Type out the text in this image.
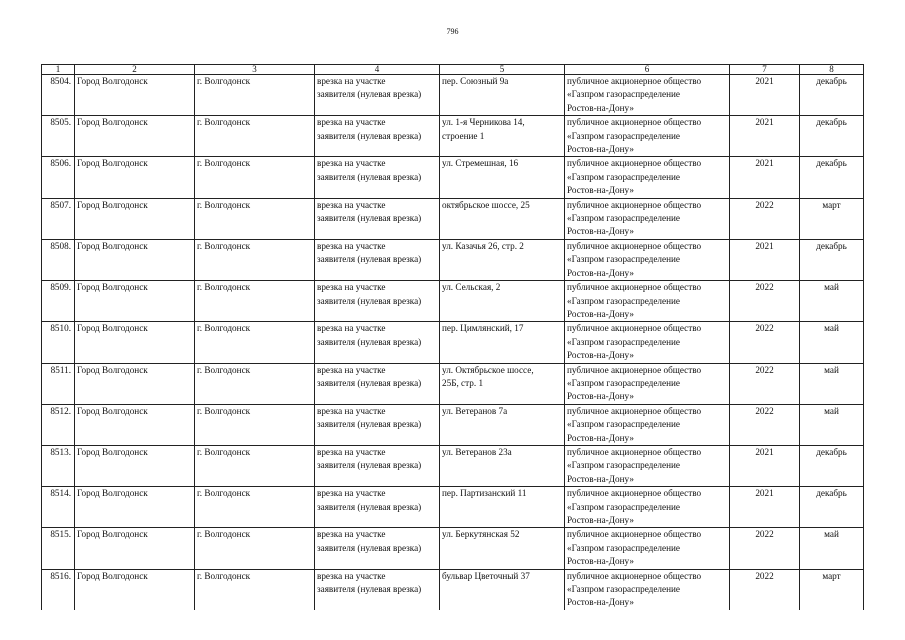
796
1	2	3	4	5	6	7	8
8504.	Город Волгодонск	г. Волгодонск	врезка на участке
заявителя (нулевая врезка)	пер. Союзный 9а	публичное акционерное общество
«Газпром газораспределение
Ростов-на-Дону»	2021	декабрь
8505.	Город Волгодонск	г. Волгодонск	врезка на участке
заявителя (нулевая врезка)	ул. 1-я Черникова 14,
строение 1	публичное акционерное общество
«Газпром газораспределение
Ростов-на-Дону»	2021	декабрь
8506.	Город Волгодонск	г. Волгодонск	врезка на участке
заявителя (нулевая врезка)	ул. Стремешная, 16	публичное акционерное общество
«Газпром газораспределение
Ростов-на-Дону»	2021	декабрь
8507.	Город Волгодонск	г. Волгодонск	врезка на участке
заявителя (нулевая врезка)	октябрьское шоссе, 25	публичное акционерное общество
«Газпром газораспределение
Ростов-на-Дону»	2022	март
8508.	Город Волгодонск	г. Волгодонск	врезка на участке
заявителя (нулевая врезка)	ул. Казачья 26, стр. 2	публичное акционерное общество
«Газпром газораспределение
Ростов-на-Дону»	2021	декабрь
8509.	Город Волгодонск	г. Волгодонск	врезка на участке
заявителя (нулевая врезка)	ул. Сельская, 2	публичное акционерное общество
«Газпром газораспределение
Ростов-на-Дону»	2022	май
8510.	Город Волгодонск	г. Волгодонск	врезка на участке
заявителя (нулевая врезка)	пер. Цимлянский, 17	публичное акционерное общество
«Газпром газораспределение
Ростов-на-Дону»	2022	май
8511.	Город Волгодонск	г. Волгодонск	врезка на участке
заявителя (нулевая врезка)	ул. Октябрьское шоссе,
25Б, стр. 1	публичное акционерное общество
«Газпром газораспределение
Ростов-на-Дону»	2022	май
8512.	Город Волгодонск	г. Волгодонск	врезка на участке
заявителя (нулевая врезка)	ул. Ветеранов 7а	публичное акционерное общество
«Газпром газораспределение
Ростов-на-Дону»	2022	май
8513.	Город Волгодонск	г. Волгодонск	врезка на участке
заявителя (нулевая врезка)	ул. Ветеранов 23а	публичное акционерное общество
«Газпром газораспределение
Ростов-на-Дону»	2021	декабрь
8514.	Город Волгодонск	г. Волгодонск	врезка на участке
заявителя (нулевая врезка)	пер. Партизанский 11	публичное акционерное общество
«Газпром газораспределение
Ростов-на-Дону»	2021	декабрь
8515.	Город Волгодонск	г. Волгодонск	врезка на участке
заявителя (нулевая врезка)	ул. Беркутянская 52	публичное акционерное общество
«Газпром газораспределение
Ростов-на-Дону»	2022	май
8516.	Город Волгодонск	г. Волгодонск	врезка на участке
заявителя (нулевая врезка)	бульвар Цветочный 37	публичное акционерное общество
«Газпром газораспределение
Ростов-на-Дону»	2022	март
